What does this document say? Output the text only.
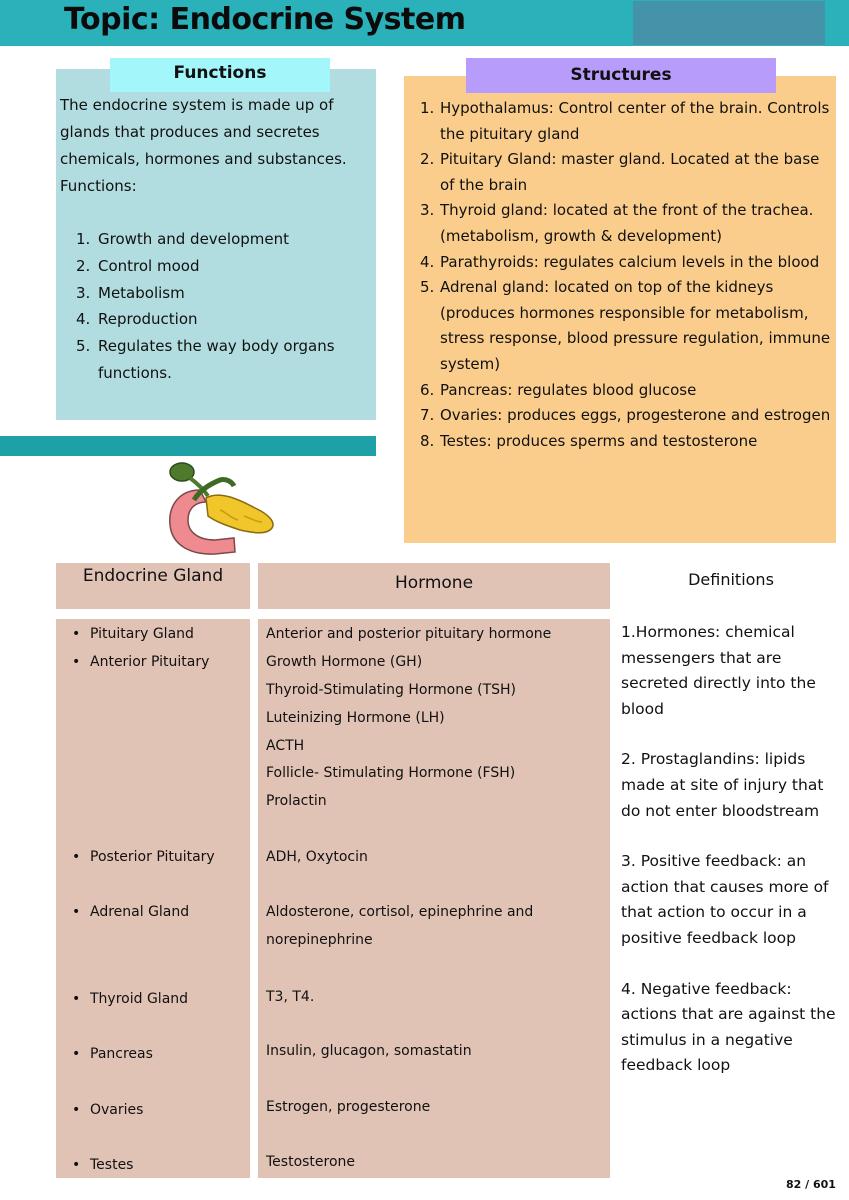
Topic: Endocrine System
Functions

The endocrine system is made up of glands that produces and secretes chemicals, hormones and substances.

Functions:

1. Growth and development
2. Control mood
3. Metabolism
4. Reproduction
5. Regulates the way body organs functions.
Structures
1. Hypothalamus: Control center of the brain. Controls the pituitary gland
2. Pituitary Gland: master gland. Located at the base of the brain
3. Thyroid gland: located at the front of the trachea.(metabolism, growth & development)
4. Parathyroids: regulates calcium levels in the blood
5. Adrenal gland: located on top of the kidneys (produces hormones responsible for metabolism, stress response, blood pressure regulation, immune system)
6. Pancreas: regulates blood glucose
7. Ovaries: produces eggs, progesterone and estrogen
8. Testes: produces sperms and testosterone
Endocrine Gland	Hormone	Definitions
• Pituitary Gland
• Anterior Pituitary
• Posterior Pituitary
• Adrenal Gland
• Thyroid Gland
• Pancreas
• Ovaries
• Testes
Anterior and posterior pituitary hormone
Growth Hormone (GH)
Thyroid-Stimulating Hormone (TSH)
Luteinizing Hormone (LH)
ACTH
Follicle- Stimulating Hormone (FSH)
Prolactin
ADH, Oxytocin
Aldosterone, cortisol, epinephrine and
norepinephrine
T3, T4.
Insulin, glucagon, somastatin
Estrogen, progesterone
Testosterone

1.Hormones: chemical messengers that are secreted directly into the blood

2. Prostaglandins: lipids made at site of injury that do not enter bloodstream

3. Positive feedback: an action that causes more of that action to occur in a positive feedback loop

4. Negative feedback: actions that are against the stimulus in a negative feedback loop

82 / 601
